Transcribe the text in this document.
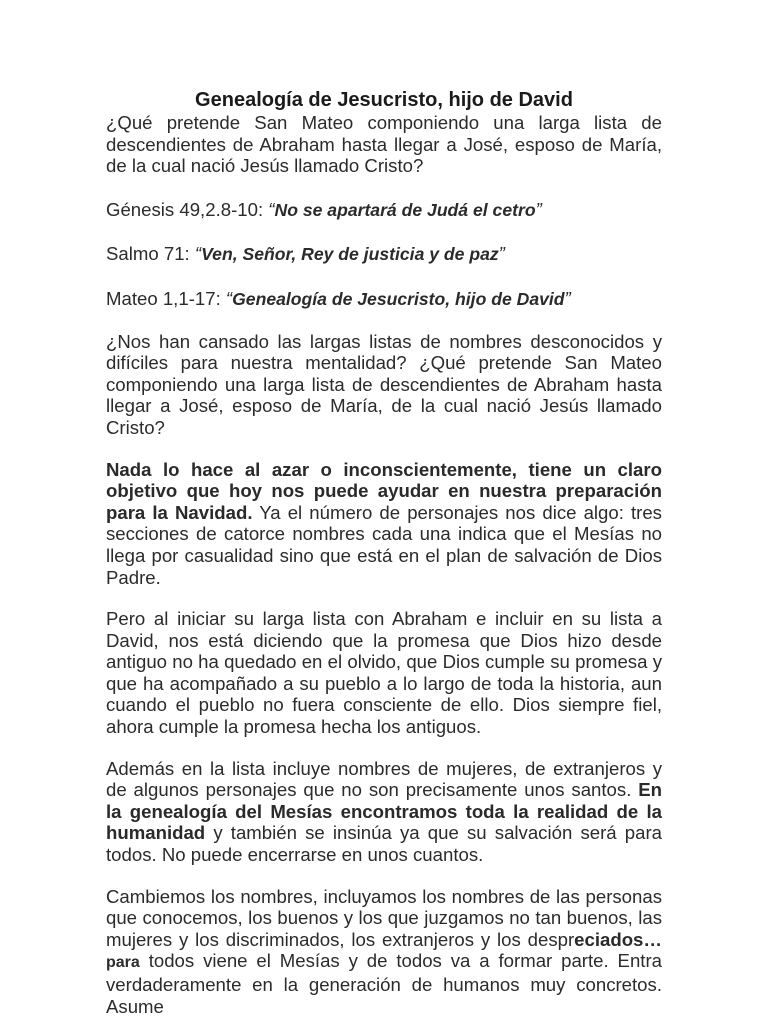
Genealogía de Jesucristo, hijo de David

¿Qué pretende San Mateo componiendo una larga lista de descendientes de Abraham hasta llegar a José, esposo de María, de la cual nació Jesús llamado Cristo?

Génesis 49,2.8-10: “No se apartará de Judá el cetro”

Salmo 71: “Ven, Señor, Rey de justicia y de paz”

Mateo 1,1-17: “Genealogía de Jesucristo, hijo de David”

¿Nos han cansado las largas listas de nombres desconocidos y difíciles para nuestra mentalidad? ¿Qué pretende San Mateo componiendo una larga lista de descendientes de Abraham hasta llegar a José, esposo de María, de la cual nació Jesús llamado Cristo?

Nada lo hace al azar o inconscientemente, tiene un claro objetivo que hoy nos puede ayudar en nuestra preparación para la Navidad. Ya el número de personajes nos dice algo: tres secciones de catorce nombres cada una indica que el Mesías no llega por casualidad sino que está en el plan de salvación de Dios Padre.

Pero al iniciar su larga lista con Abraham e incluir en su lista a David, nos está diciendo que la promesa que Dios hizo desde antiguo no ha quedado en el olvido, que Dios cumple su promesa y que ha acompañado a su pueblo a lo largo de toda la historia, aun cuando el pueblo no fuera consciente de ello. Dios siempre fiel, ahora cumple la promesa hecha los antiguos.

Además en la lista incluye nombres de mujeres, de extranjeros y de algunos personajes que no son precisamente unos santos. En la genealogía del Mesías encontramos toda la realidad de la humanidad y también se insinúa ya que su salvación será para todos. No puede encerrarse en unos cuantos.

Cambiemos los nombres, incluyamos los nombres de las personas que conocemos, los buenos y los que juzgamos no tan buenos, las mujeres y los discriminados, los extranjeros y los despreciados… para todos viene el Mesías y de todos va a formar parte. Entra verdaderamente en la generación de humanos muy concretos. Asume
